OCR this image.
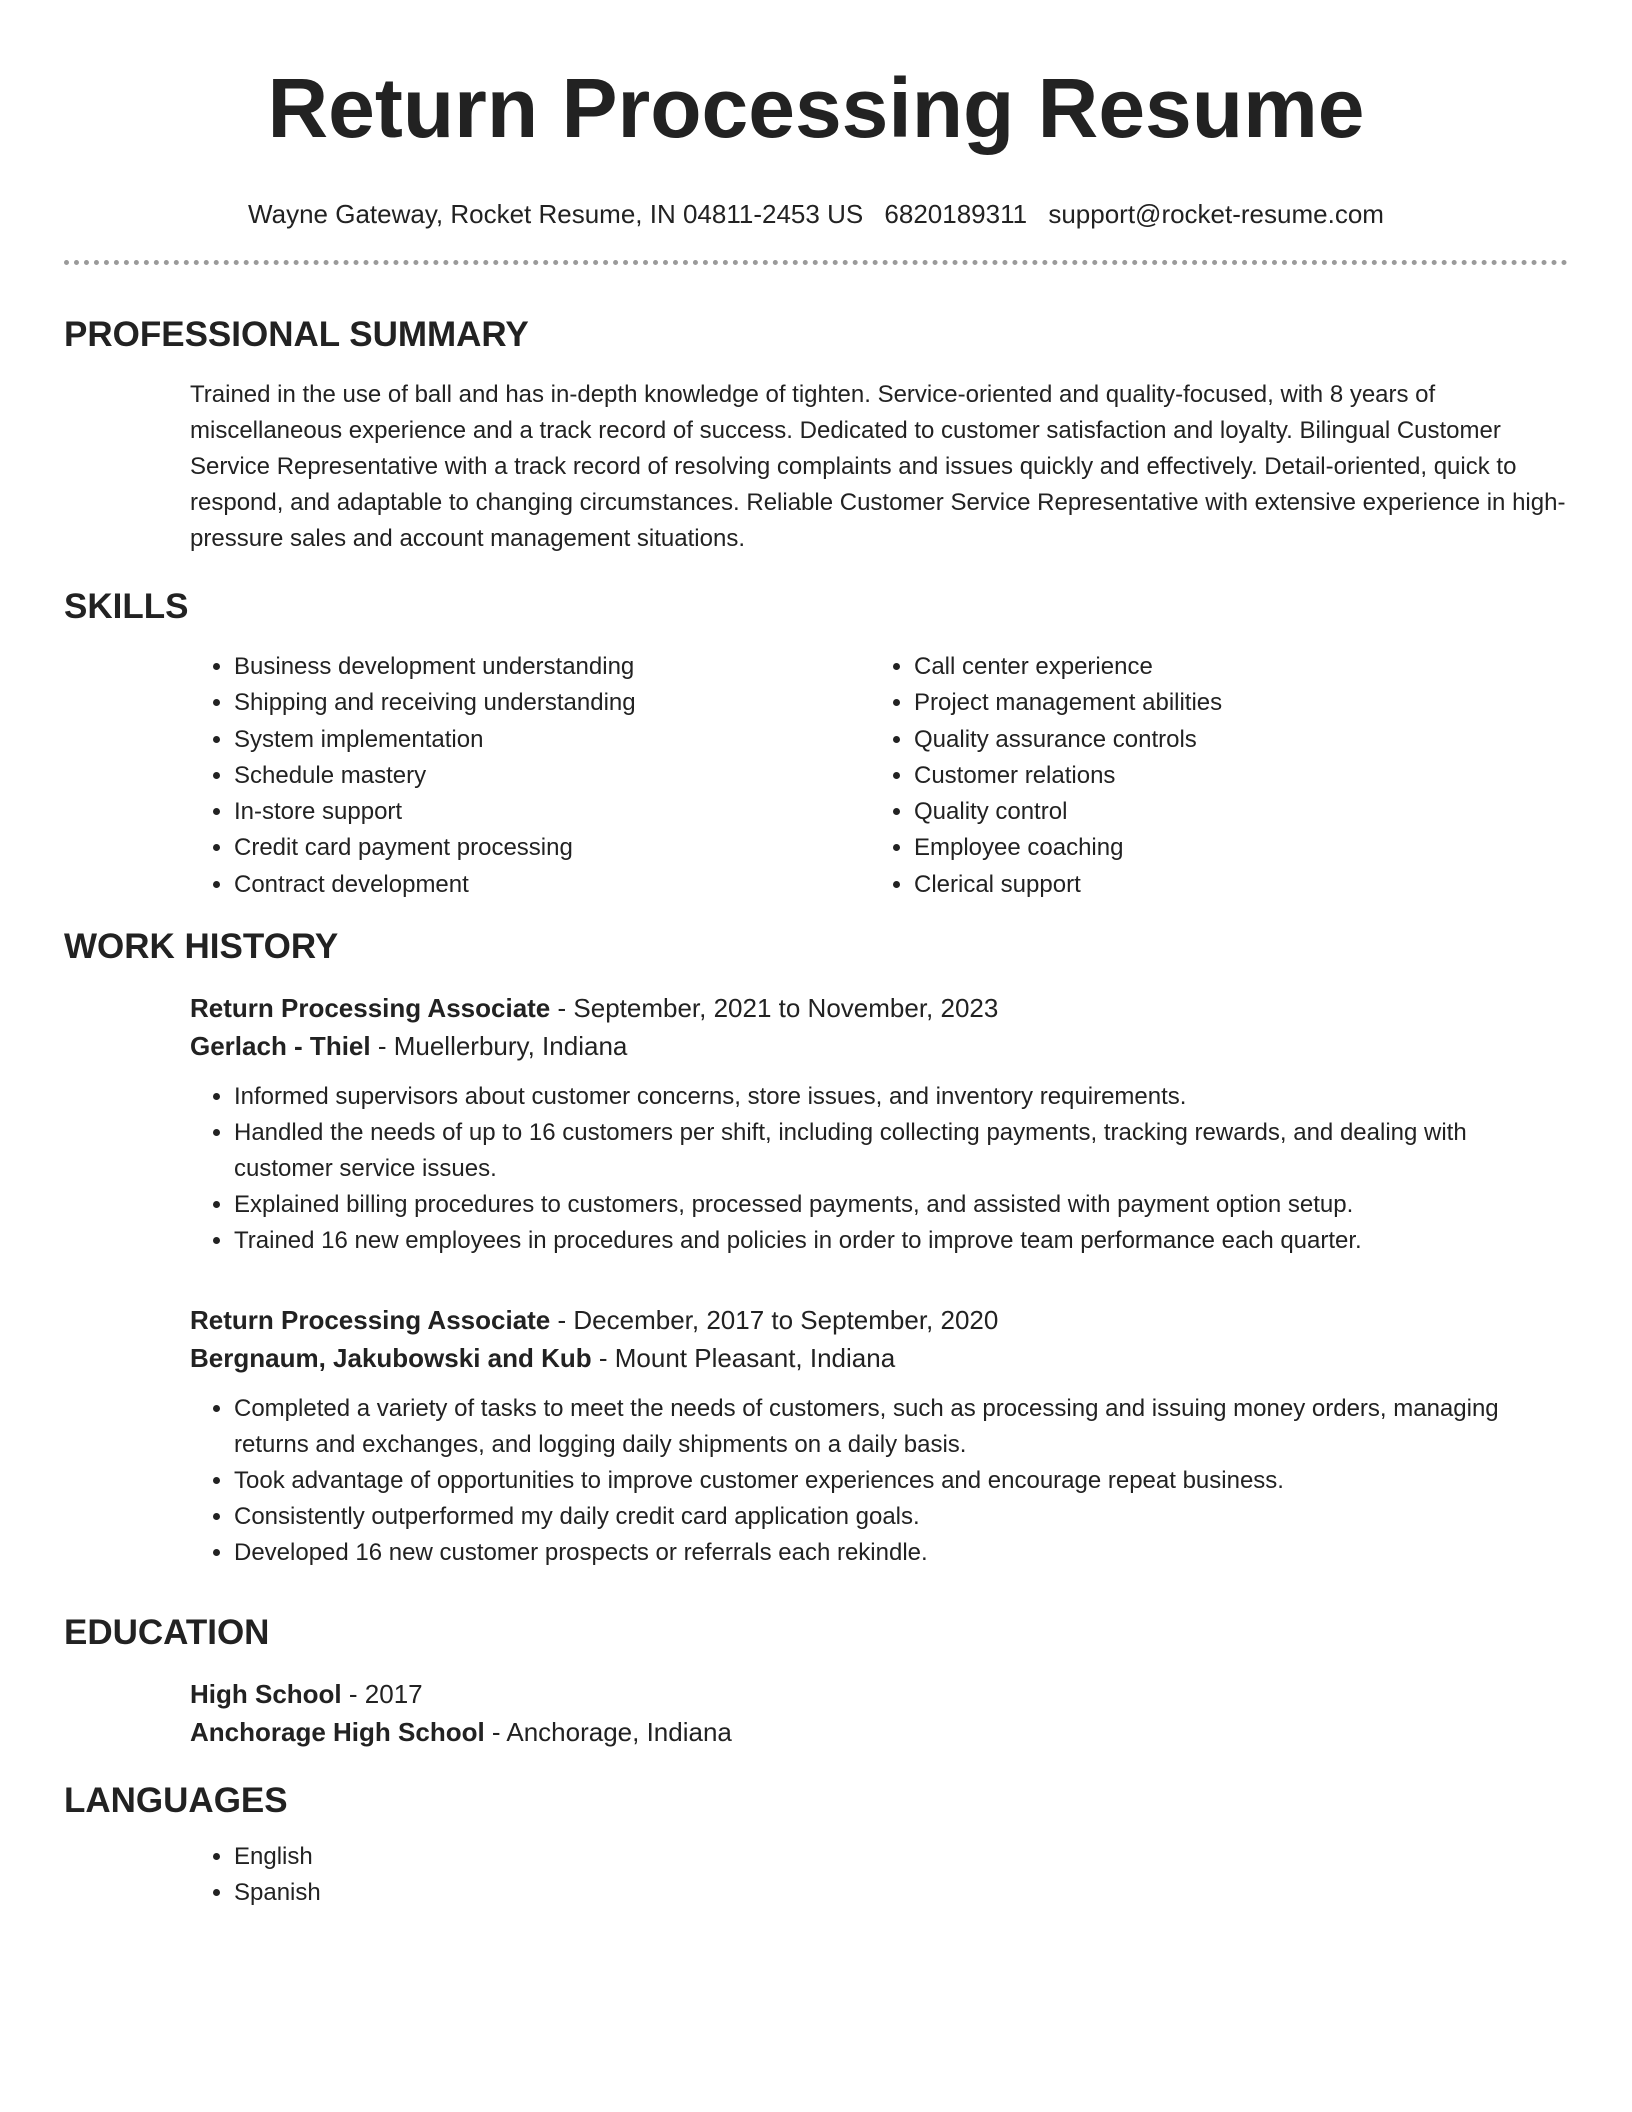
Return Processing Resume
Wayne Gateway, Rocket Resume, IN 04811-2453 US 6820189311 support@rocket-resume.com
PROFESSIONAL SUMMARY

Trained in the use of ball and has in-depth knowledge of tighten. Service-oriented and quality-focused, with 8 years of miscellaneous experience and a track record of success. Dedicated to customer satisfaction and loyalty. Bilingual Customer Service Representative with a track record of resolving complaints and issues quickly and effectively. Detail-oriented, quick to respond, and adaptable to changing circumstances. Reliable Customer Service Representative with extensive experience in high-pressure sales and account management situations.

SKILLS
• Business development understanding
• Shipping and receiving understanding
• System implementation
• Schedule mastery
• In-store support
• Credit card payment processing
• Contract development
• Call center experience
• Project management abilities
• Quality assurance controls
• Customer relations
• Quality control
• Employee coaching
• Clerical support
WORK HISTORY
Return Processing Associate - September, 2021 to November, 2023
Gerlach - Thiel - Muellerbury, Indiana
• Informed supervisors about customer concerns, store issues, and inventory requirements.
• Handled the needs of up to 16 customers per shift, including collecting payments, tracking rewards, and dealing with customer service issues.
• Explained billing procedures to customers, processed payments, and assisted with payment option setup.
• Trained 16 new employees in procedures and policies in order to improve team performance each quarter.
Return Processing Associate - December, 2017 to September, 2020
Bergnaum, Jakubowski and Kub - Mount Pleasant, Indiana
• Completed a variety of tasks to meet the needs of customers, such as processing and issuing money orders, managing returns and exchanges, and logging daily shipments on a daily basis.
• Took advantage of opportunities to improve customer experiences and encourage repeat business.
• Consistently outperformed my daily credit card application goals.
• Developed 16 new customer prospects or referrals each rekindle.
EDUCATION
High School - 2017
Anchorage High School - Anchorage, Indiana
LANGUAGES
• English
• Spanish
